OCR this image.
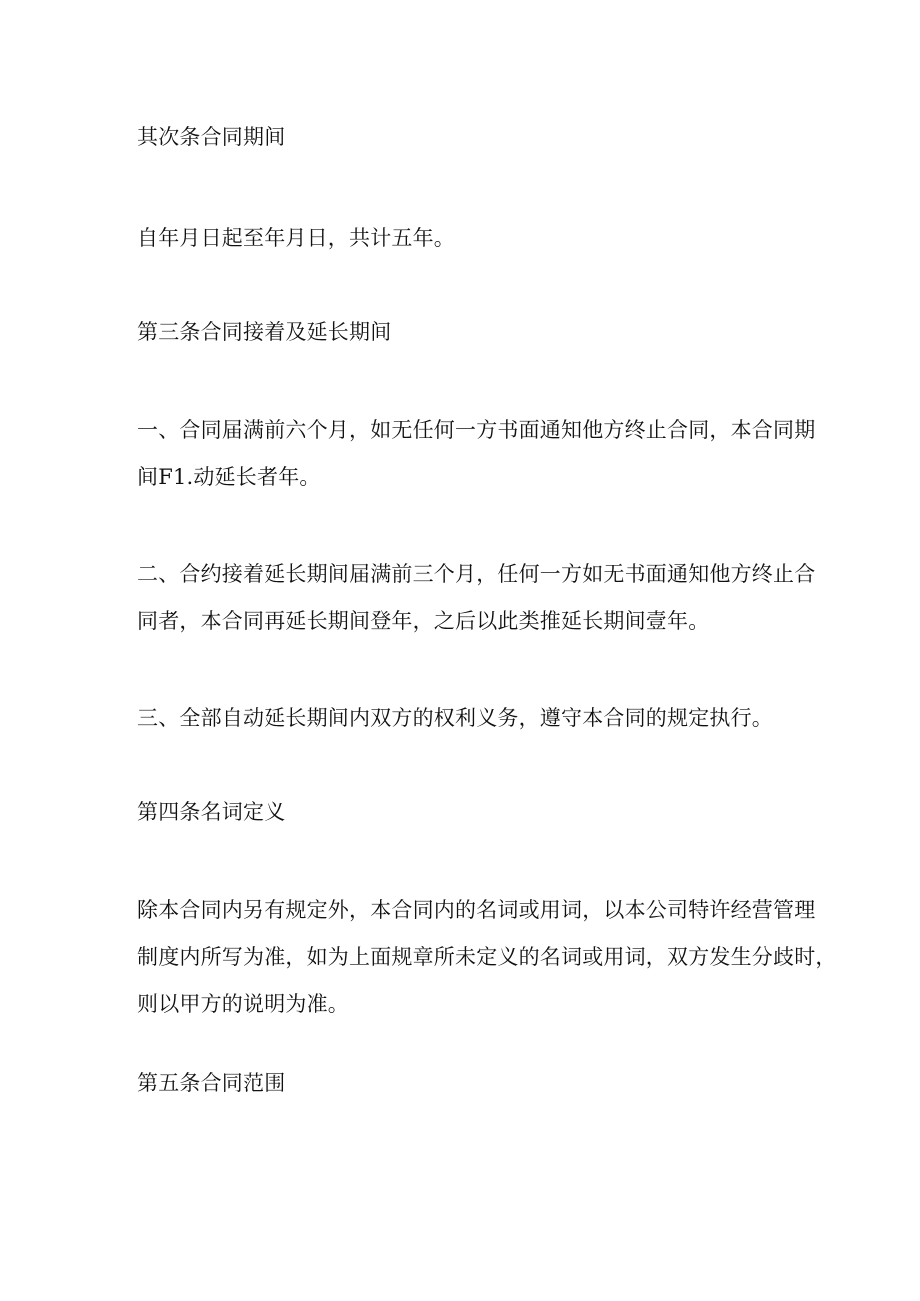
其次条合同期间
自年月日起至年月日，共计五年。
第三条合同接着及延长期间
一、合同届满前六个月，如无任何一方书面通知他方终止合同，本合同期
间F1.动延长者年。
二、合约接着延长期间届满前三个月，任何一方如无书面通知他方终止合
同者，本合同再延长期间登年，之后以此类推延长期间壹年。
三、全部自动延长期间内双方的权利义务，遵守本合同的规定执行。
第四条名词定义
除本合同内另有规定外，本合同内的名词或用词，以本公司特许经营管理
制度内所写为准，如为上面规章所未定义的名词或用词，双方发生分歧时，
则以甲方的说明为准。
第五条合同范围
